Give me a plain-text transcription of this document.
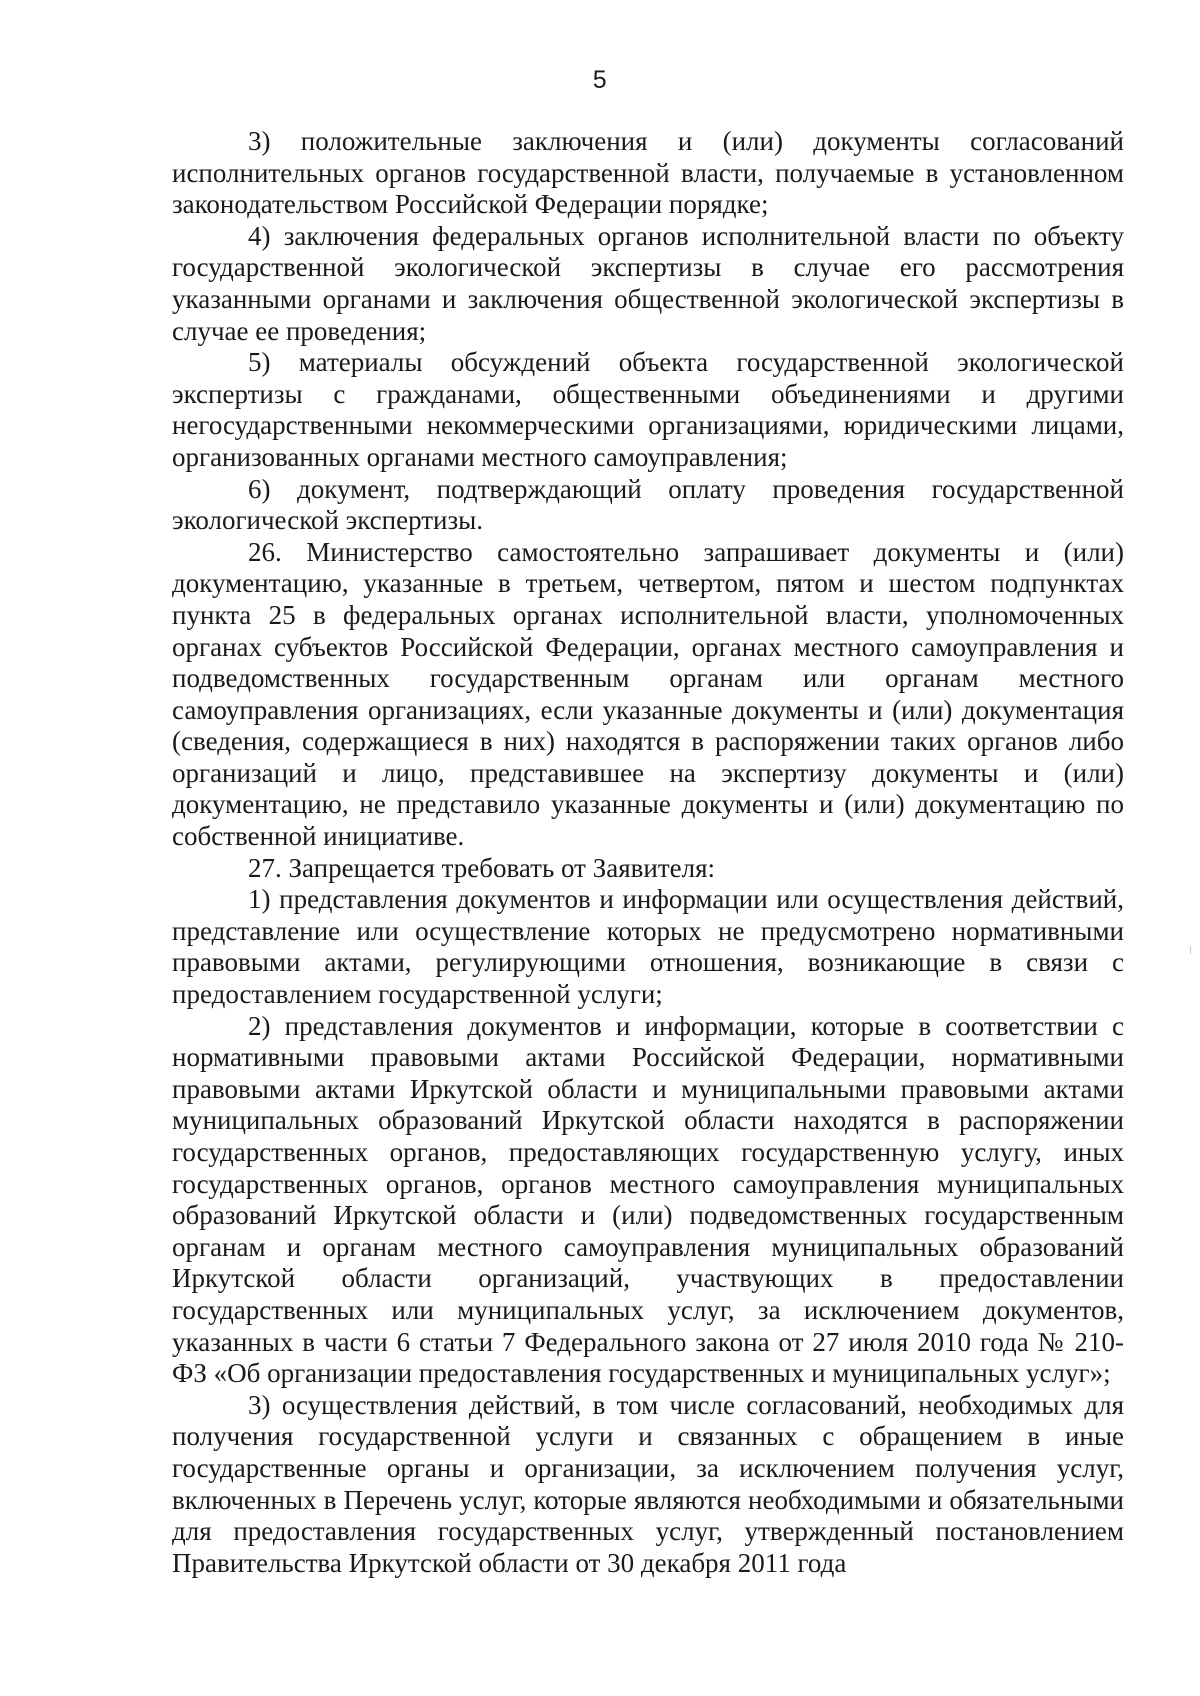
5

3) положительные заключения и (или) документы согласований исполнительных органов государственной власти, получаемые в установленном законодательством Российской Федерации порядке;

4) заключения федеральных органов исполнительной власти по объекту государственной экологической экспертизы в случае его рассмотрения указанными органами и заключения общественной экологической экспертизы в случае ее проведения;

5) материалы обсуждений объекта государственной экологической экспертизы с гражданами, общественными объединениями и другими негосударственными некоммерческими организациями, юридическими лицами, организованных органами местного самоуправления;

6) документ, подтверждающий оплату проведения государственной экологической экспертизы.

26. Министерство самостоятельно запрашивает документы и (или) документацию, указанные в третьем, четвертом, пятом и шестом подпунктах пункта 25 в федеральных органах исполнительной власти, уполномоченных органах субъектов Российской Федерации, органах местного самоуправления и подведомственных государственным органам или органам местного самоуправления организациях, если указанные документы и (или) документация (сведения, содержащиеся в них) находятся в распоряжении таких органов либо организаций и лицо, представившее на экспертизу документы и (или) документацию, не представило указанные документы и (или) документацию по собственной инициативе.

27. Запрещается требовать от Заявителя:

1) представления документов и информации или осуществления действий, представление или осуществление которых не предусмотрено нормативными правовыми актами, регулирующими отношения, возникающие в связи с предоставлением государственной услуги;

2) представления документов и информации, которые в соответствии с нормативными правовыми актами Российской Федерации, нормативными правовыми актами Иркутской области и муниципальными правовыми актами муниципальных образований Иркутской области находятся в распоряжении государственных органов, предоставляющих государственную услугу, иных государственных органов, органов местного самоуправления муниципальных образований Иркутской области и (или) подведомственных государственным органам и органам местного самоуправления муниципальных образований Иркутской области организаций, участвующих в предоставлении государственных или муниципальных услуг, за исключением документов, указанных в части 6 статьи 7 Федерального закона от 27 июля 2010 года № 210-ФЗ «Об организации предоставления государственных и муниципальных услуг»;

3) осуществления действий, в том числе согласований, необходимых для получения государственной услуги и связанных с обращением в иные государственные органы и организации, за исключением получения услуг, включенных в Перечень услуг, которые являются необходимыми и обязательными для предоставления государственных услуг, утвержденный постановлением Правительства Иркутской области от 30 декабря 2011 года
